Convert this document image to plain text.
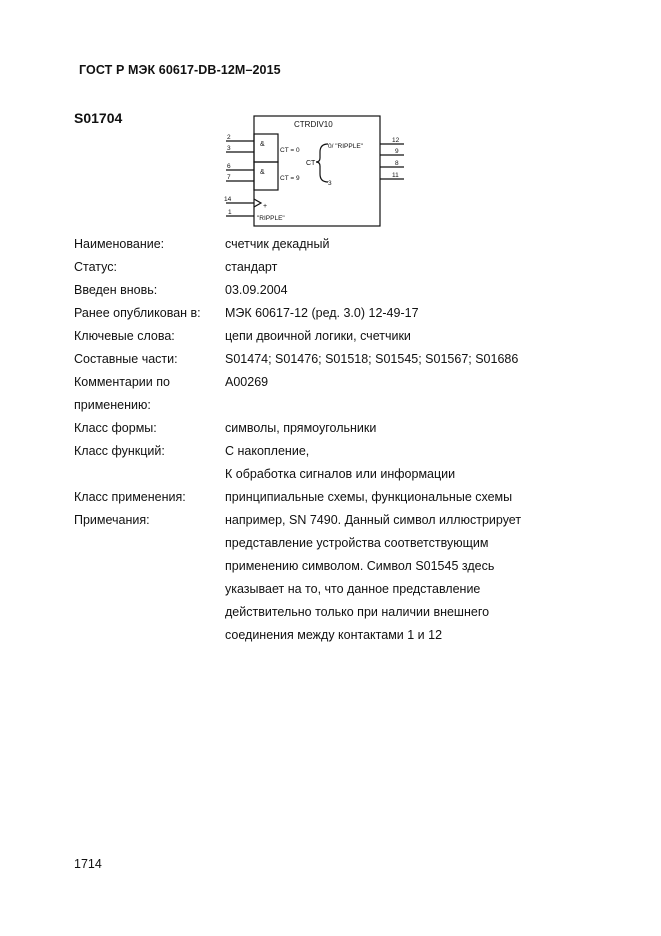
ГОСТ Р МЭК 60617-DB-12M–2015
S01704	CTRDIV10
&
&
CT = 0
CT = 9
CT
0/ "RIPPLE"
3
+
"RIPPLE"
2
3
6
7
14
1
12
9
8
11
Наименование:	счетчик декадный
Статус:	стандарт
Введен вновь:	03.09.2004
Ранее опубликован в:	МЭК 60617-12 (ред. 3.0) 12-49-17
Ключевые слова:	цепи двоичной логики, счетчики
Составные части:	S01474; S01476; S01518; S01545; S01567; S01686
Комментарии по применению:
A00269
Класс формы:	символы, прямоугольники
Класс функций:	С накопление,
К обработка сигналов или информации
Класс применения:	принципиальные схемы, функциональные схемы
Примечания:	например, SN 7490. Данный символ иллюстрирует
представление устройства соответствующим
применению символом. Символ S01545 здесь
указывает на то, что данное представление
действительно только при наличии внешнего
соединения между контактами 1 и 12
1714
